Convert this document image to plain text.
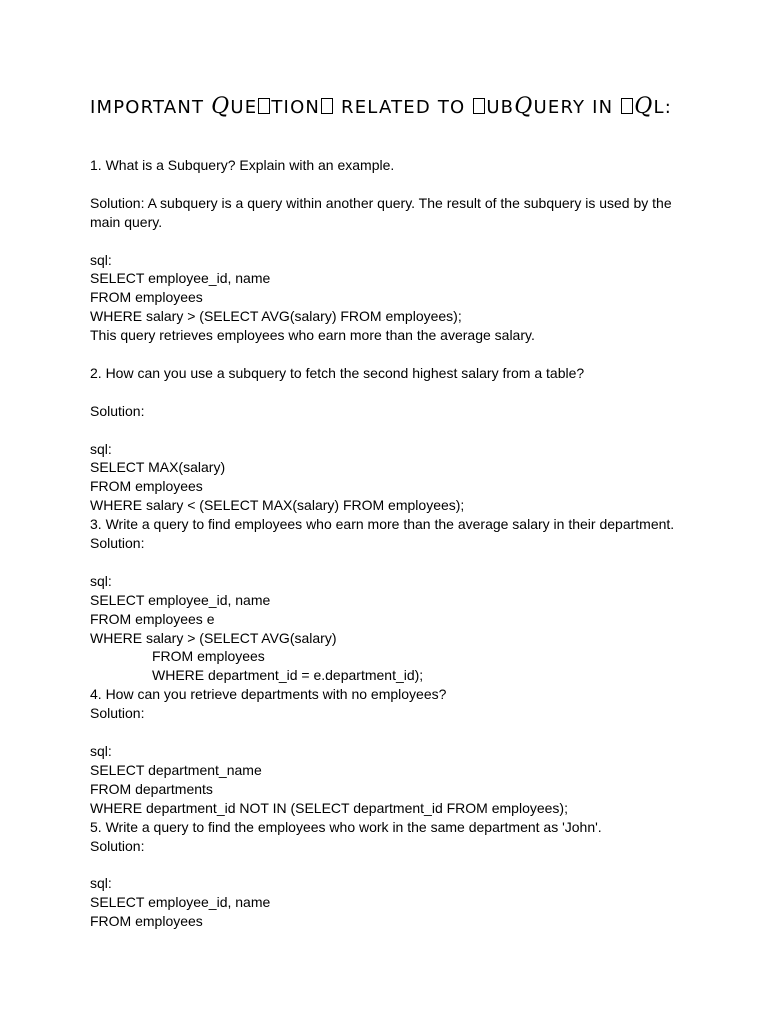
IMPORTANT QUE TION RELATED TO UBQUERY IN QL:
1. What is a Subquery? Explain with an example.
Solution: A subquery is a query within another query. The result of the subquery is used by the main query.
sql:
SELECT employee_id, name
FROM employees
WHERE salary > (SELECT AVG(salary) FROM employees);
This query retrieves employees who earn more than the average salary.
2. How can you use a subquery to fetch the second highest salary from a table?
Solution:
sql:
SELECT MAX(salary)
FROM employees
WHERE salary < (SELECT MAX(salary) FROM employees);
3. Write a query to find employees who earn more than the average salary in their department.
Solution:
sql:
SELECT employee_id, name
FROM employees e
WHERE salary > (SELECT AVG(salary)
FROM employees
WHERE department_id = e.department_id);
4. How can you retrieve departments with no employees?
Solution:
sql:
SELECT department_name
FROM departments
WHERE department_id NOT IN (SELECT department_id FROM employees);
5. Write a query to find the employees who work in the same department as 'John'.
Solution:
sql:
SELECT employee_id, name
FROM employees
